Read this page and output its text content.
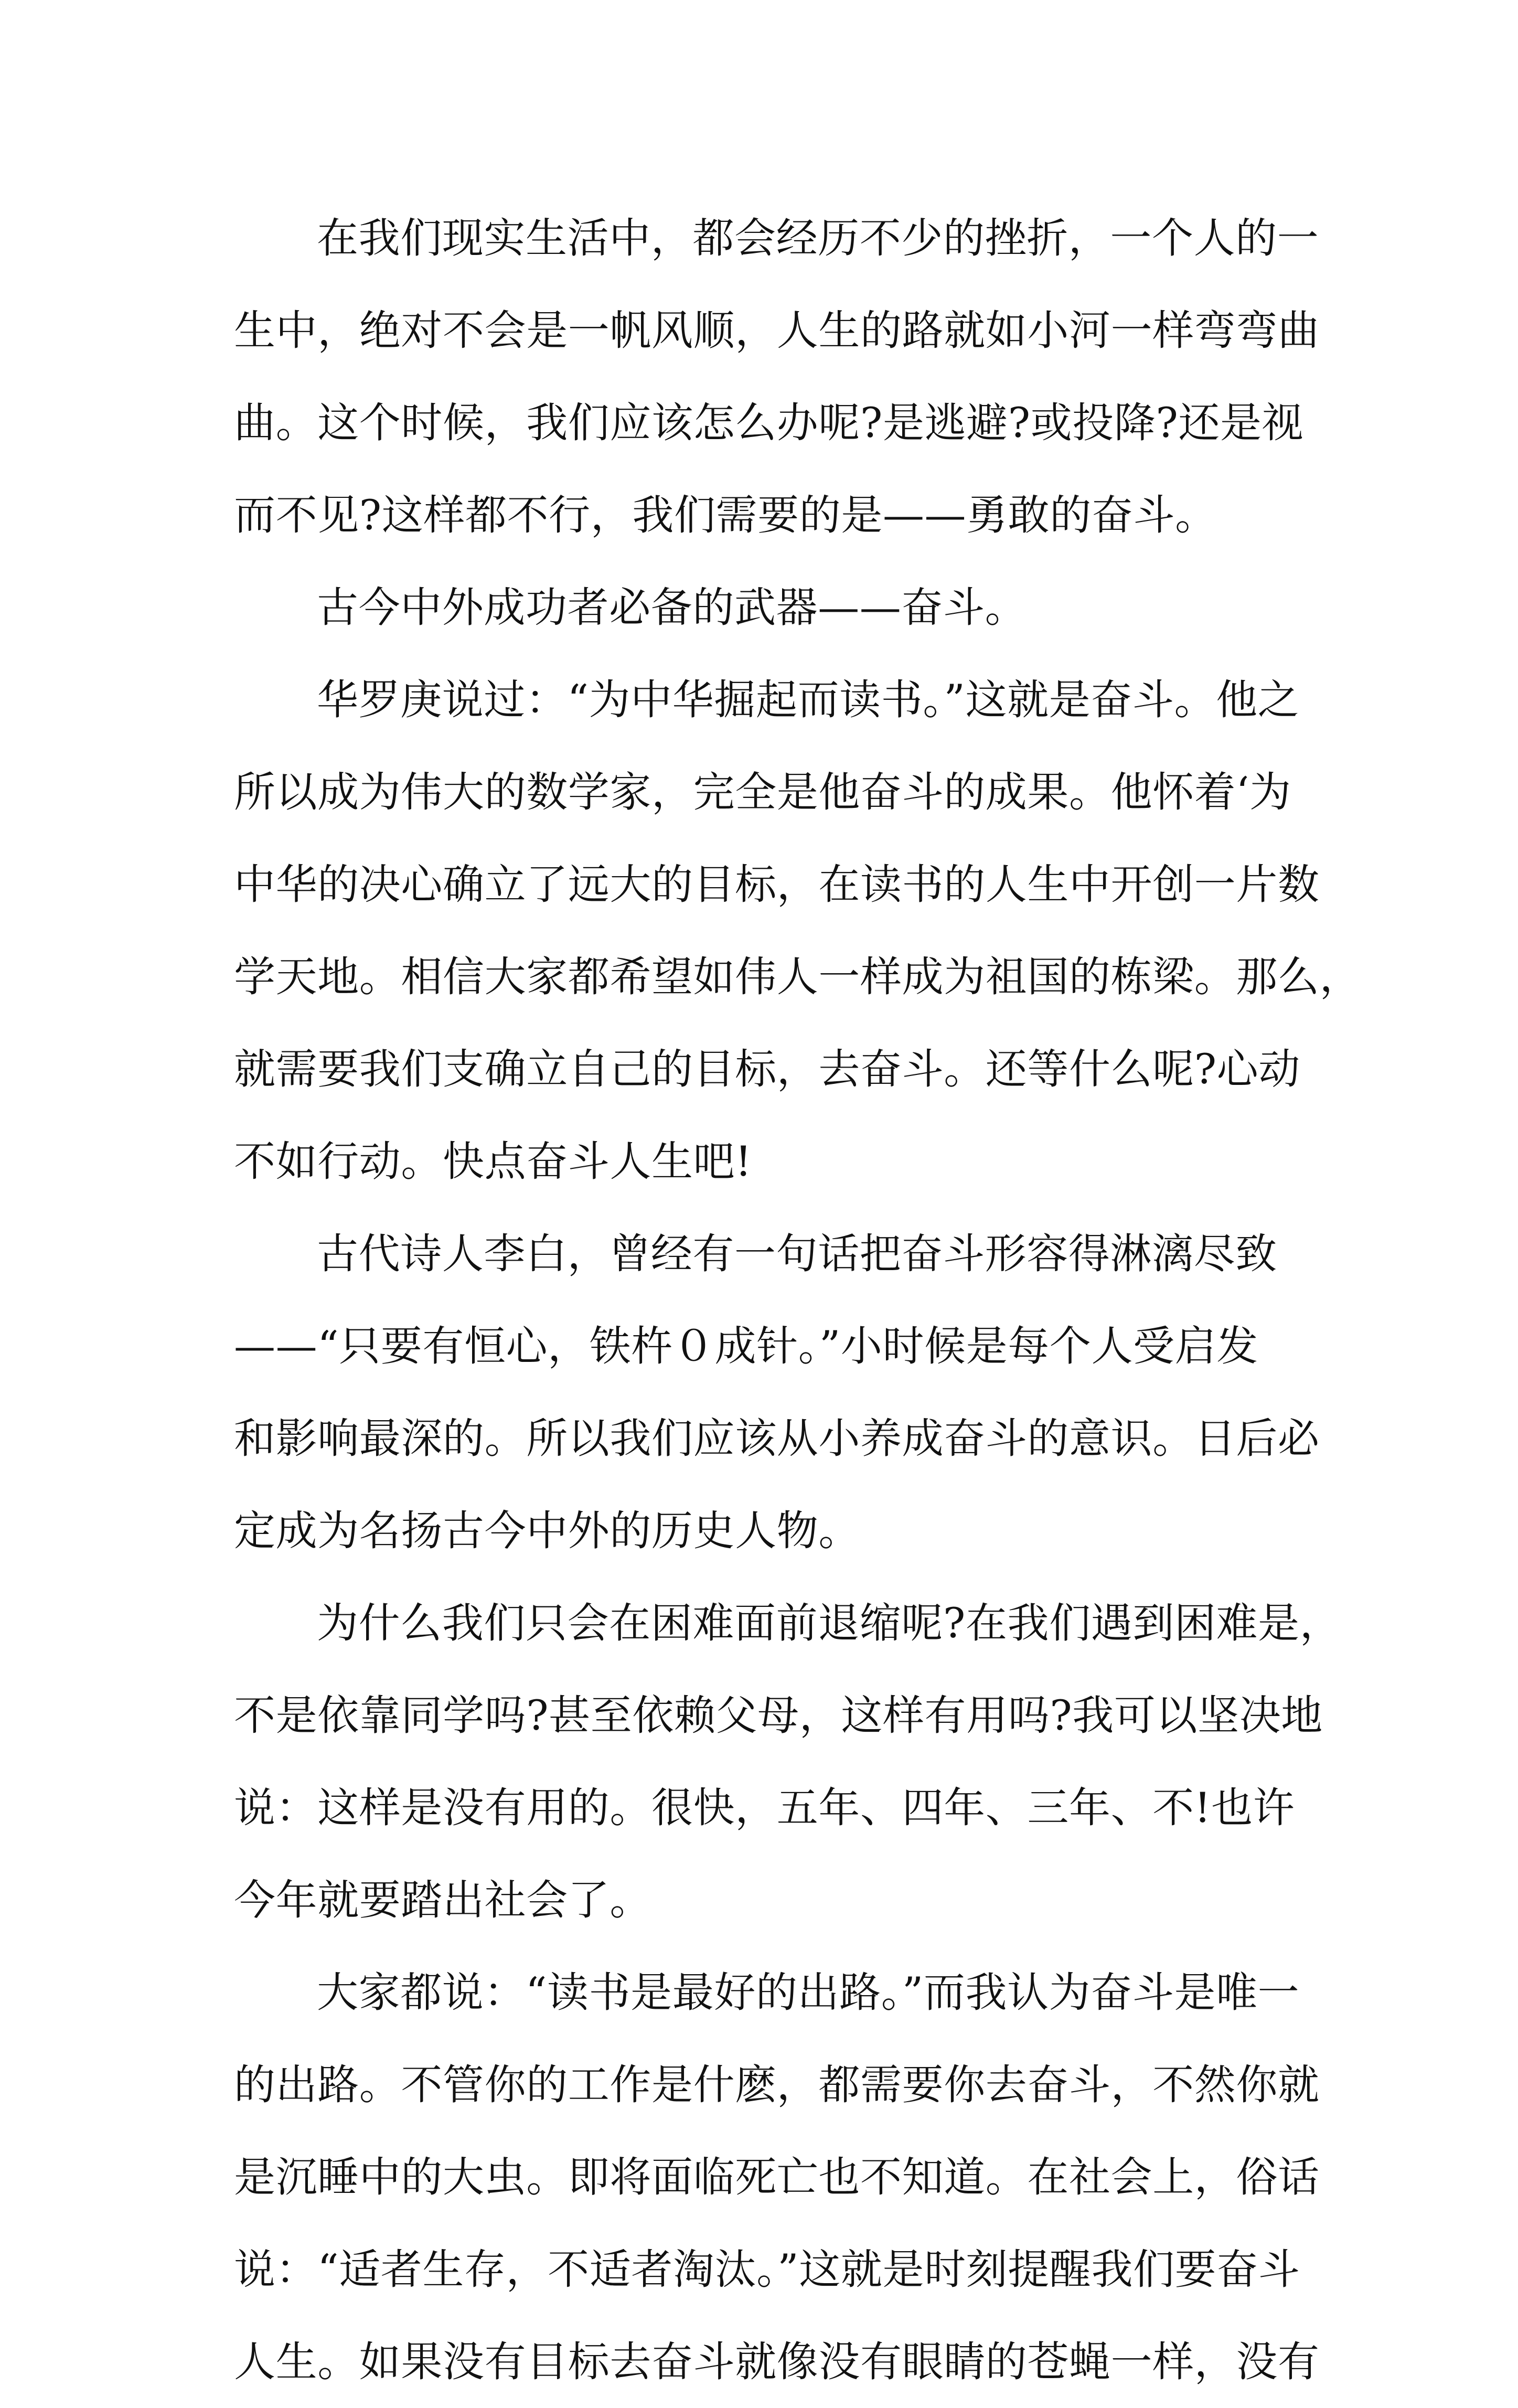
在我们现实生活中，都会经历不少的挫折，一个人的一
生中，绝对不会是一帆风顺，人生的路就如小河一样弯弯曲
曲。这个时候，我们应该怎么办呢?是逃避?或投降?还是视
而不见?这样都不行，我们需要的是——勇敢的奋斗。
古今中外成功者必备的武器——奋斗。
华罗庚说过：“为中华掘起而读书。”这就是奋斗。他之
所以成为伟大的数学家，完全是他奋斗的成果。他怀着‘为
中华的决心确立了远大的目标，在读书的人生中开创一片数
学天地。相信大家都希望如伟人一样成为祖国的栋梁。那么，
就需要我们支确立自己的目标，去奋斗。还等什么呢?心动
不如行动。快点奋斗人生吧!
古代诗人李白，曾经有一句话把奋斗形容得淋漓尽致
——“只要有恒心，铁杵０成针。”小时候是每个人受启发
和影响最深的。所以我们应该从小养成奋斗的意识。日后必
定成为名扬古今中外的历史人物。
为什么我们只会在困难面前退缩呢?在我们遇到困难是，
不是依靠同学吗?甚至依赖父母，这样有用吗?我可以坚决地
说：这样是没有用的。很快，五年、四年、三年、不!也许
今年就要踏出社会了。
大家都说：“读书是最好的出路。”而我认为奋斗是唯一
的出路。不管你的工作是什麽，都需要你去奋斗，不然你就
是沉睡中的大虫。即将面临死亡也不知道。在社会上，俗话
说：“适者生存，不适者淘汰。”这就是时刻提醒我们要奋斗
人生。如果没有目标去奋斗就像没有眼睛的苍蝇一样，没有
